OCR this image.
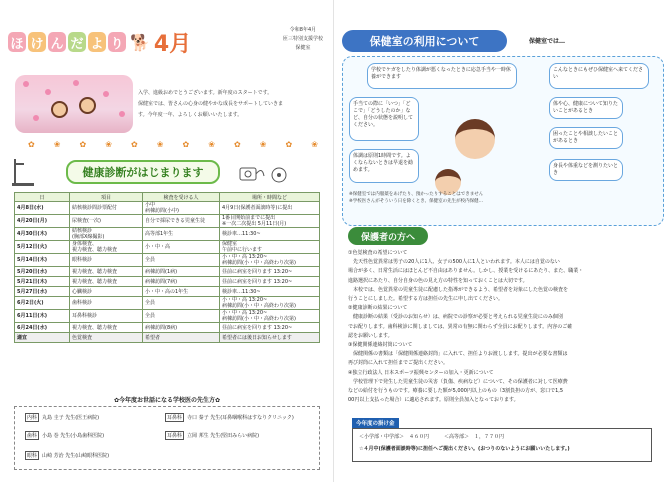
ほ け ん だ よ り 🐕 4月
令和8年4月
匝三特別支援学校
保健室
入学、進級おめでとうございます。新年度のスタートです。
保健室では、皆さんの心身の健やかな成長をサポートしていきま
す。今年度一年、よろしくお願いいたします。
✿ ❀ ✿ ❀ ✿ ❀ ✿ ❀ ✿ ❀ ✿ ❀
健康診断がはじまります
日	項目	検査を受ける人	場所・時間など
4月8日(水)	結核検診問診票配付	小中
病棟訪問(小中)	4月9日(保護者面談時等)に提出
4月20日(月)	尿検査(一次)	自分で採尿できる児童生徒	1番目開始前までに提出
※一次二次提出 5月11日(月)
4月30日(木)	結核検診
(胸部X線撮影)	高等部1年生	検診車…11:30~
5月12日(火)	身体検査、
視力検査、聴力検査	小・中・高	保健室
午前中に行います
5月14日(木)	眼科検診	全員	小・中・高 13:20~
病棟訪問(小・中・高終わり次第)
5月20日(水)	視力検査、聴力検査	病棟訪問(1病)	昼前に病室を回ります 13:20~
5月21日(木)	視力検査、聴力検査	病棟訪問(7病)	昼前に病室を回ります 13:20~
5月27日(水)	心臓検診	小・中・高の1年生	検診車…11:30~
6月2日(火)	歯科検診	全員	小・中・高 13:20~
病棟訪問(小・中・高終わり次第)
6月11日(木)	耳鼻科検診	全員	小・中・高 13:20~
病棟訪問(小・中・高終わり次第)
6月24日(水)	視力検査、聴力検査	病棟訪問(8病)	昼前に病室を回ります 13:20~
適宜	色覚検査	希望者	希望者には後日お知らせします
✿今年度お世話になる学校医の先生方✿
内科	丸島 圭子 先生(医王病院)	耳鼻科	寺口 秦子 先生(耳鼻咽喉科はすなりクリニック)
歯科	小島 巻 先生(小島歯科医院)	耳鼻科	立岡 邦生 先生(堅田みらい病院)
眼科	山崎 芳治 先生(山崎眼科医院)
保健室の利用について	保健室では…
学校でケガをしたり体調が悪くなったときに応急手当や一時休養ができます
こんなときにもぜひ保健室へ来てください
手当ての際に「いつ」「どこで」「どうしたのか」など、自分の状態を説明してください。
体や心、健康について知りたいことがあるとき
困ったことや相談したいことがあるとき
体調は原則1時間です。よくならないときは早退を勧めます。
身長や体重などを測りたいとき
※保健室では内服薬をあげたり、預かったりすることはできません
※学校医さんがそういう日を除くとき、保健室の先生が校内保健…
保護者の方へ
①色覚検査の希望について
　先天性色覚異常は男子の20人に1人、女子の500人に1人といわれます。本人には自覚のない
場合が多く、日常生活にはほとんど不自由はありません。しかし、授業を受けるにあたり、また、職業・
進路選択にあたり、自分自身の色の見え方の特性を知っておくことは大切です。
　本校では、色覚異常の児童生徒に配慮した指導ができるよう、希望者を対象にした色覚の検査を
行うことにしました。希望する方は担任の先生に申し出てください。
②健康診断の結果について
　健康診断の結果（受診のお知らせ）は、病院での診察が必要と考えられる児童生徒にのみ個別
でお配りします。歯科検診に関しましては、異常の有無に関わらず全員にお配りします。内容のご確
認をお願いします。
③保健関係連絡封筒について
　保健関係の書類は「保健関係連絡封筒」に入れて、担任よりお渡しします。提出が必要な書類は
再び封筒に入れて担任までご提出ください。
④独立行政法人 日本スポーツ振興センターの加入・更新について
　学校管理下で発生した児童生徒の災害（負傷、疾病など）について、その保護者に対して医療費
などの給付を行うものです。療養に要した額が5,000円以上のもの（3割負担の方が、窓口で1,5
00円以上支払った場合）に適応されます。原則全員加入となっております。
今年度の掛け金
＜小学部・中学部＞　４６０円　　　＜高等部＞　１，７７０円
☆４月中(保護者面談時等)に担任へご提出ください。(おつりのないようにお願いいたします。)
